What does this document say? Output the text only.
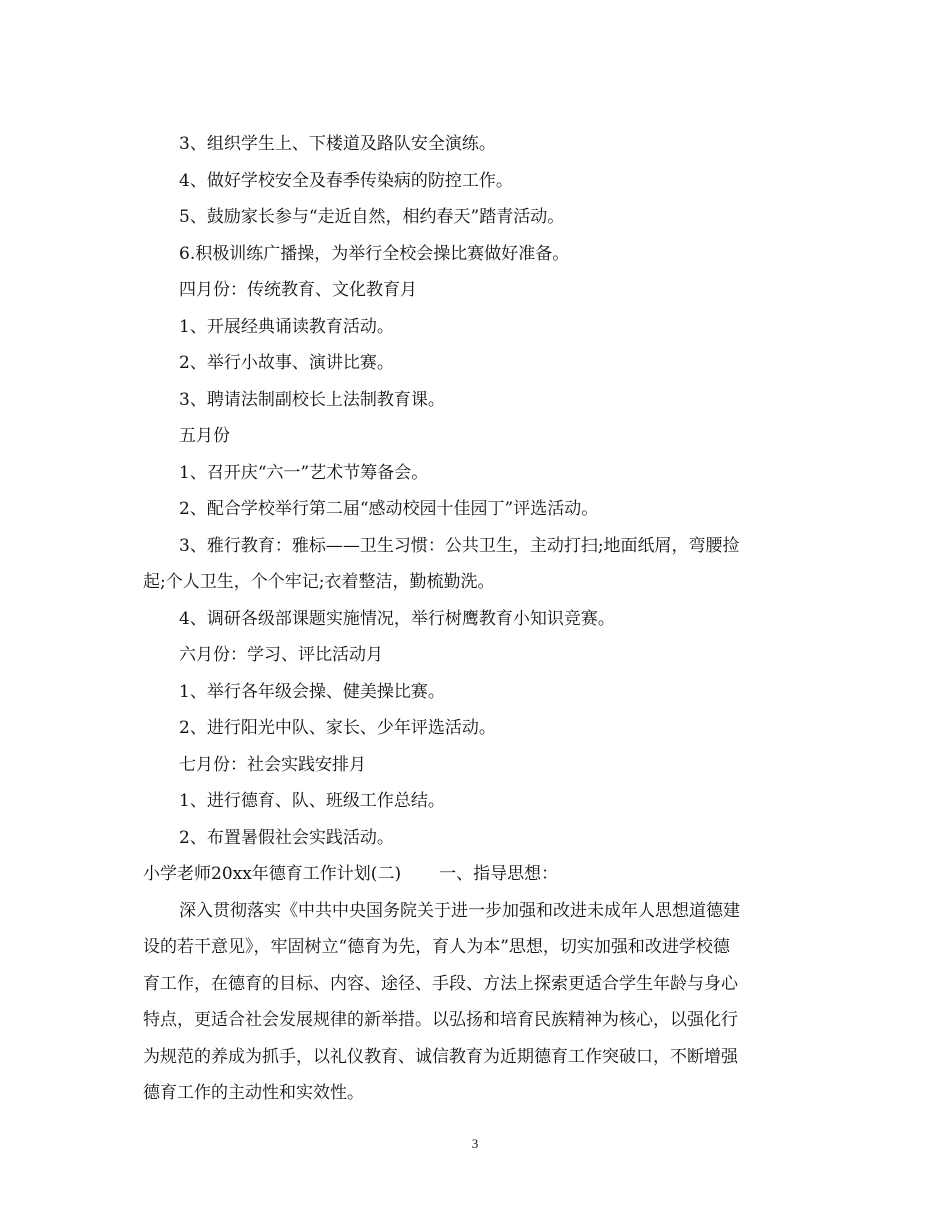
3、组织学生上、下楼道及路队安全演练。
4、做好学校安全及春季传染病的防控工作。
5、鼓励家长参与“走近自然，相约春天”踏青活动。
6.积极训练广播操，为举行全校会操比赛做好准备。
四月份：传统教育、文化教育月
1、开展经典诵读教育活动。
2、举行小故事、演讲比赛。
3、聘请法制副校长上法制教育课。
五月份
1、召开庆“六一”艺术节筹备会。
2、配合学校举行第二届“感动校园十佳园丁”评选活动。
3、雅行教育：雅标——卫生习惯：公共卫生，主动打扫;地面纸屑，弯腰捡
起;个人卫生，个个牢记;衣着整洁，勤梳勤洗。
4、调研各级部课题实施情况，举行树鹰教育小知识竞赛。
六月份：学习、评比活动月
1、举行各年级会操、健美操比赛。
2、进行阳光中队、家长、少年评选活动。
七月份：社会实践安排月
1、进行德育、队、班级工作总结。
2、布置暑假社会实践活动。
小学老师20xx年德育工作计划(二) 一、指导思想：
深入贯彻落实《中共中央国务院关于进一步加强和改进未成年人思想道德建
设的若干意见》，牢固树立“德育为先，育人为本”思想，切实加强和改进学校德
育工作，在德育的目标、内容、途径、手段、方法上探索更适合学生年龄与身心
特点，更适合社会发展规律的新举措。以弘扬和培育民族精神为核心，以强化行
为规范的养成为抓手，以礼仪教育、诚信教育为近期德育工作突破口，不断增强
德育工作的主动性和实效性。
3
